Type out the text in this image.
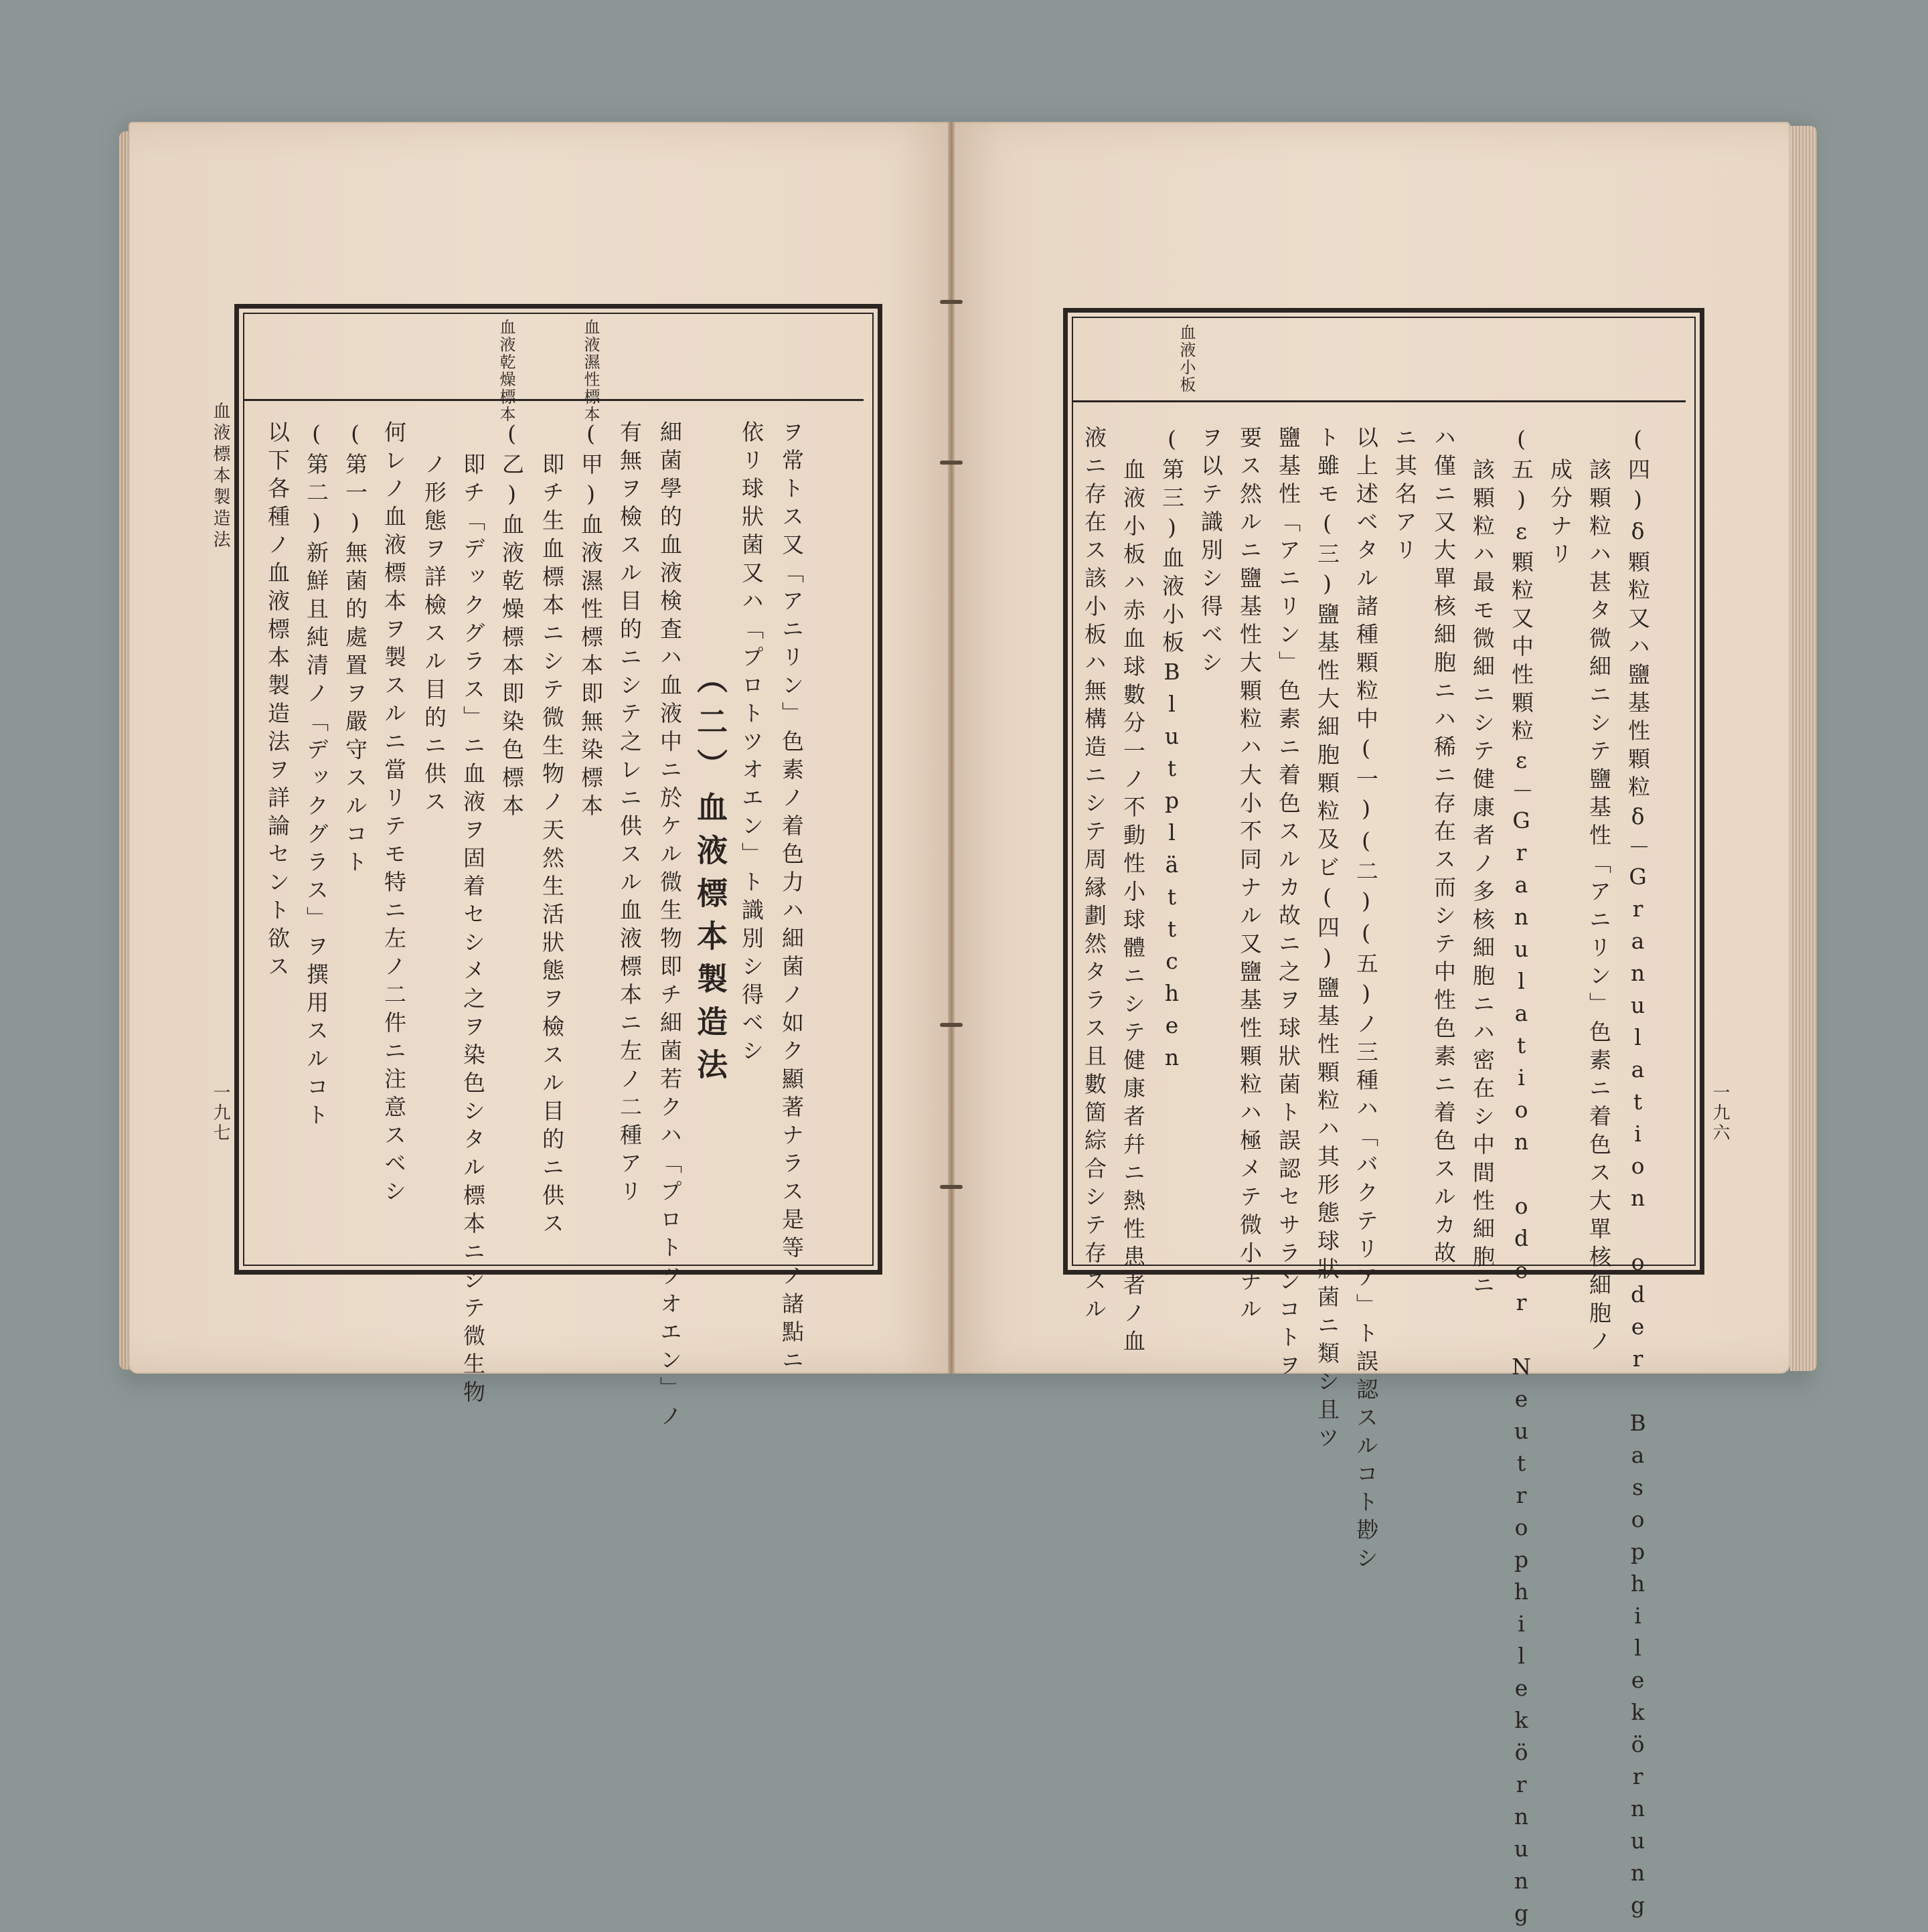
血液標本製造法
一九七
血液濕性標本
血液乾燥標本
ヲ常トス又「アニリン」色素ノ着色力ハ細菌ノ如ク顯著ナラス是等ノ諸點ニ
依リ球狀菌又ハ「プロトツオエン」ト識別シ得ベシ
（二）血液標本製造法
細菌學的血液検査ハ血液中ニ於ケル微生物即チ細菌若クハ「プロトツオエン」ノ
有無ヲ檢スル目的ニシテ之レニ供スル血液標本ニ左ノ二種アリ
(甲)血液濕性標本即無染標本
即チ生血標本ニシテ微生物ノ天然生活狀態ヲ檢スル目的ニ供ス
(乙)血液乾燥標本即染色標本
即チ「デックグラス」ニ血液ヲ固着セシメ之ヲ染色シタル標本ニシテ微生物
ノ形態ヲ詳檢スル目的ニ供ス
何レノ血液標本ヲ製スルニ當リテモ特ニ左ノ二件ニ注意スベシ
(第一)無菌的處置ヲ嚴守スルコト
(第二)新鮮且純清ノ「デックグラス」ヲ撰用スルコト
以下各種ノ血液標本製造法ヲ詳論セント欲ス
一九六
血液小板
(四)δ顆粒又ハ鹽基性顆粒δ－Granulation oder Basophilekörnung
該顆粒ハ甚タ微細ニシテ鹽基性「アニリン」色素ニ着色ス大單核細胞ノ
成分ナリ
(五)ε顆粒又中性顆粒ε－Granulation oder Neutrophilekörnung
該顆粒ハ最モ微細ニシテ健康者ノ多核細胞ニハ密在シ中間性細胞ニ
ハ僅ニ又大單核細胞ニハ稀ニ存在ス而シテ中性色素ニ着色スルカ故
ニ其名アリ
以上述ベタル諸種顆粒中(一)(二)(五)ノ三種ハ「バクテリア」ト誤認スルコト尠シ
ト雖モ(三)鹽基性大細胞顆粒及ビ(四)鹽基性顆粒ハ其形態球狀菌ニ類シ且ツ
鹽基性「アニリン」色素ニ着色スルカ故ニ之ヲ球狀菌ト誤認セサランコトヲ
要ス然ルニ鹽基性大顆粒ハ大小不同ナル又鹽基性顆粒ハ極メテ微小ナル
ヲ以テ識別シ得ベシ
(第三)血液小板Blutplättchen
血液小板ハ赤血球數分一ノ不動性小球體ニシテ健康者幷ニ熱性患者ノ血
液ニ存在ス該小板ハ無構造ニシテ周縁劃然タラス且數箇綜合シテ存スル
